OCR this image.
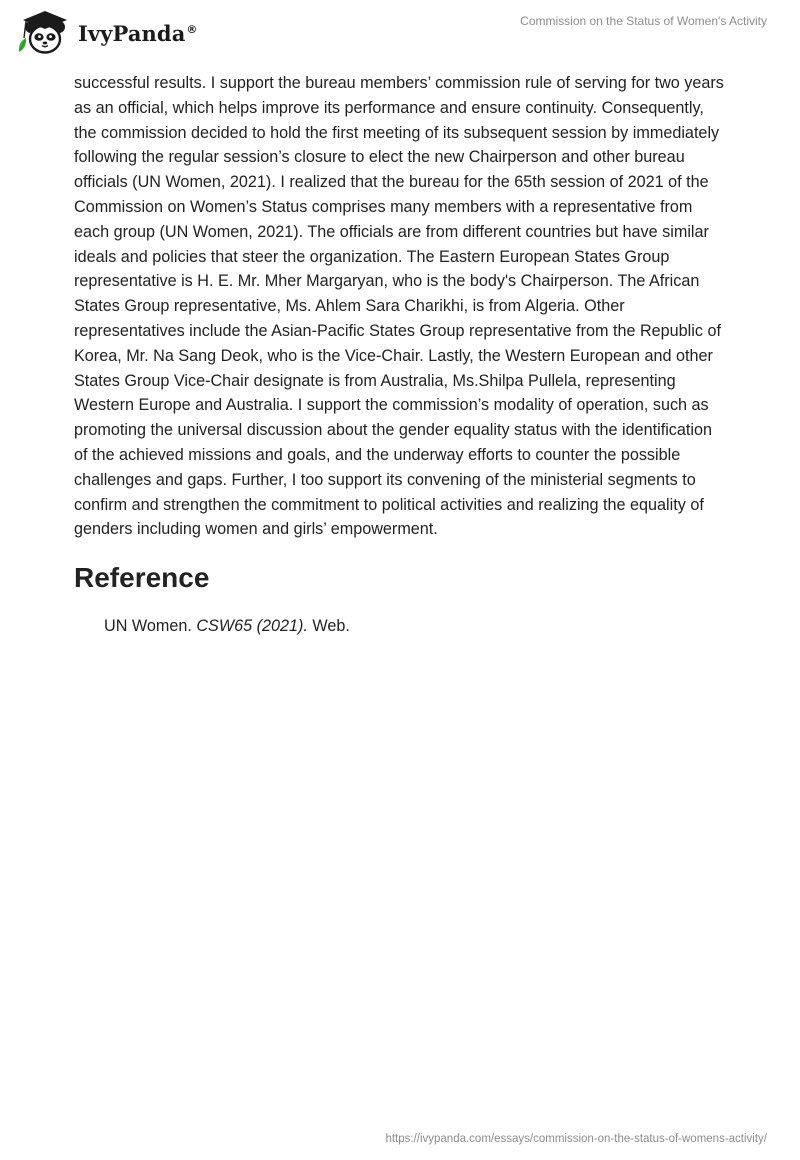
IvyPanda®
Commission on the Status of Women's Activity

successful results. I support the bureau members’ commission rule of serving for two years as an official, which helps improve its performance and ensure continuity. Consequently, the commission decided to hold the first meeting of its subsequent session by immediately following the regular session’s closure to elect the new Chairperson and other bureau officials (UN Women, 2021). I realized that the bureau for the 65th session of 2021 of the Commission on Women’s Status comprises many members with a representative from each group (UN Women, 2021). The officials are from different countries but have similar ideals and policies that steer the organization. The Eastern European States Group representative is H. E. Mr. Mher Margaryan, who is the body's Chairperson. The African States Group representative, Ms. Ahlem Sara Charikhi, is from Algeria. Other representatives include the Asian-Pacific States Group representative from the Republic of Korea, Mr. Na Sang Deok, who is the Vice-Chair. Lastly, the Western European and other States Group Vice-Chair designate is from Australia, Ms.Shilpa Pullela, representing Western Europe and Australia. I support the commission’s modality of operation, such as promoting the universal discussion about the gender equality status with the identification of the achieved missions and goals, and the underway efforts to counter the possible challenges and gaps. Further, I too support its convening of the ministerial segments to confirm and strengthen the commitment to political activities and realizing the equality of genders including women and girls’ empowerment.

Reference

UN Women. CSW65 (2021). Web.

https://ivypanda.com/essays/commission-on-the-status-of-womens-activity/
